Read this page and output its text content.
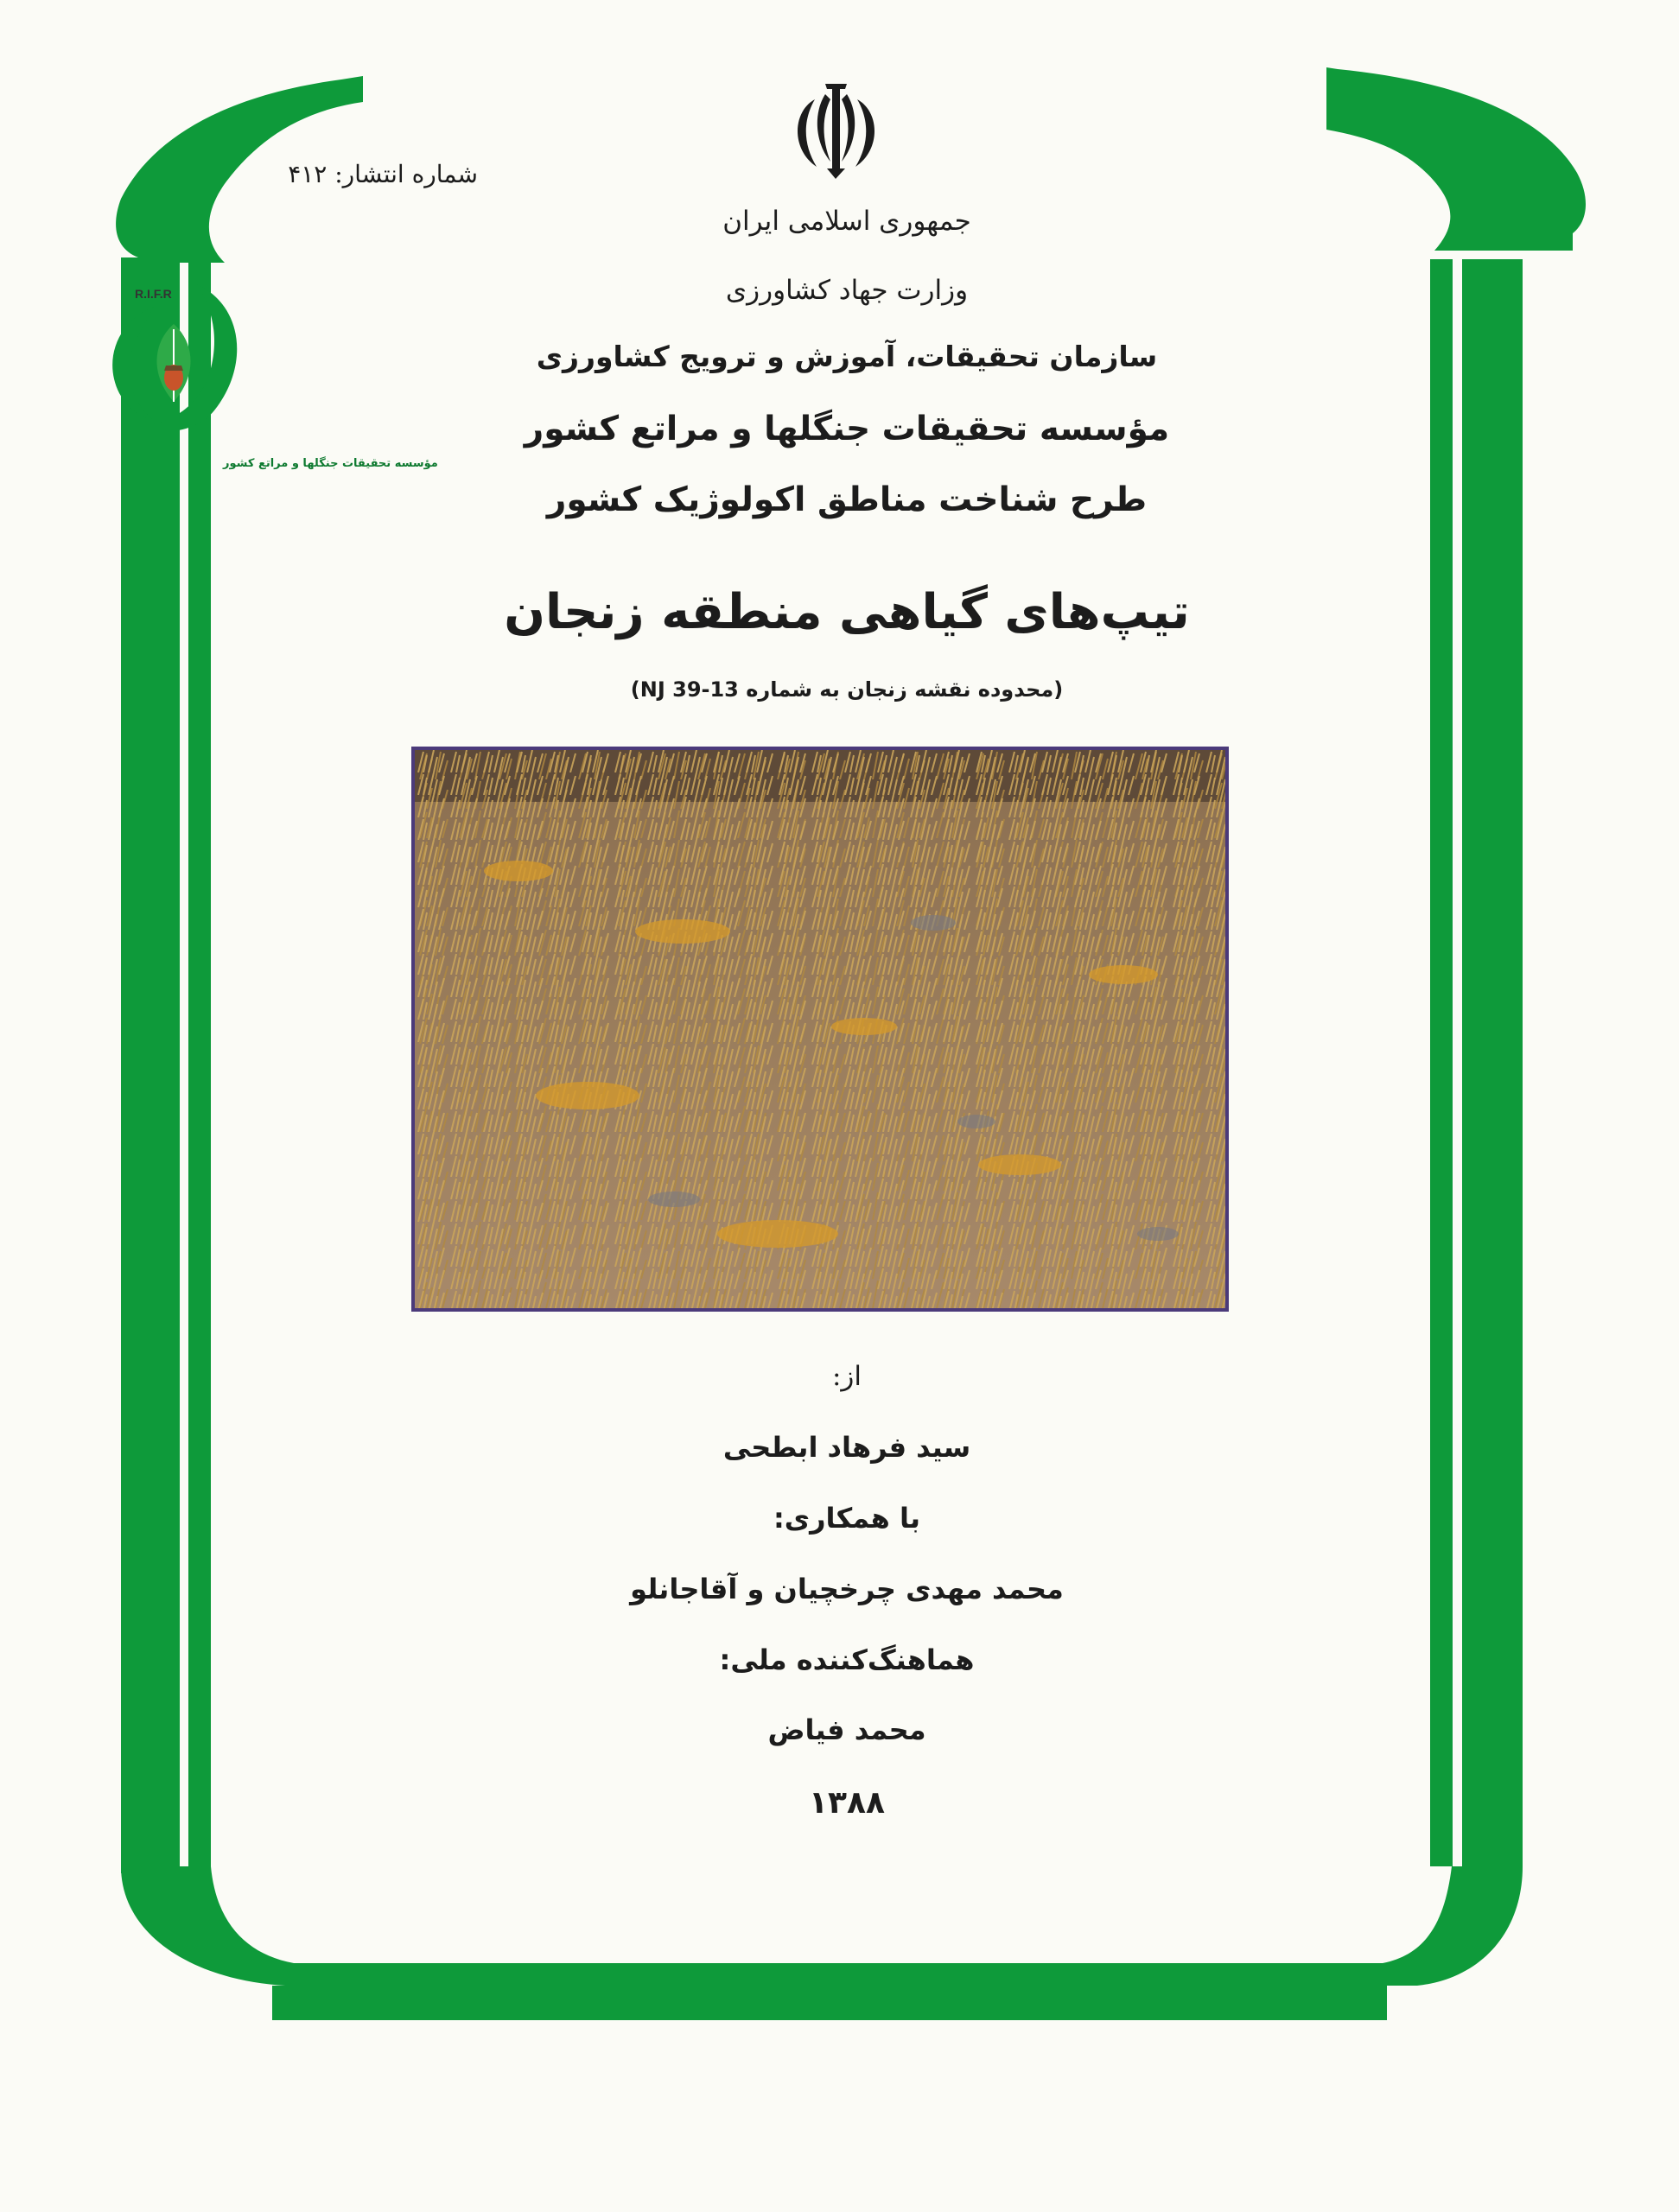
شماره انتشار: ۴۱۲
R.I.F.R
مؤسسه تحقیقات جنگلها و مراتع کشور
جمهوری اسلامی ایران
وزارت جهاد کشاورزی
سازمان تحقیقات، آموزش و ترویج کشاورزی
مؤسسه تحقیقات جنگلها و مراتع کشور
طرح شناخت مناطق اکولوژیک کشور
تیپ‌های گیاهی منطقه زنجان
(محدوده نقشه زنجان به شماره NJ 39-13)
از:
سید فرهاد ابطحی
با همکاری:
محمد مهدی چرخچیان و آقاجانلو
هماهنگ‌کننده ملی:
محمد فیاض
۱۳۸۸
